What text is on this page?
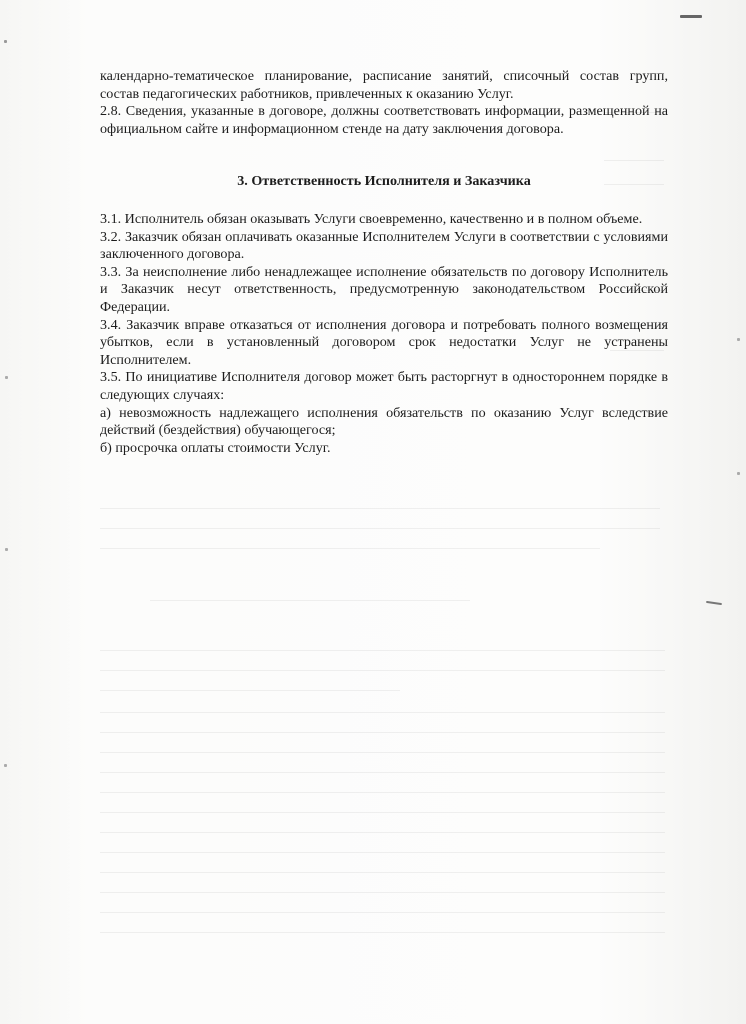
календарно-тематическое планирование, расписание занятий, списочный состав групп, состав педагогических работников, привлеченных к оказанию Услуг.

2.8. Сведения, указанные в договоре, должны соответствовать информации, размещенной на официальном сайте и информационном стенде на дату заключения договора.

3. Ответственность Исполнителя и Заказчика

3.1. Исполнитель обязан оказывать Услуги своевременно, качественно и в полном объеме.

3.2. Заказчик обязан оплачивать оказанные Исполнителем Услуги в соответствии с условиями заключенного договора.

3.3. За неисполнение либо ненадлежащее исполнение обязательств по договору Исполнитель и Заказчик несут ответственность, предусмотренную законодательством Российской Федерации.

3.4. Заказчик вправе отказаться от исполнения договора и потребовать полного возмещения убытков, если в установленный договором срок недостатки Услуг не устранены Исполнителем.

3.5. По инициативе Исполнителя договор может быть расторгнут в одностороннем порядке в следующих случаях:

а) невозможность надлежащего исполнения обязательств по оказанию Услуг вследствие действий (бездействия) обучающегося;

б) просрочка оплаты стоимости Услуг.
